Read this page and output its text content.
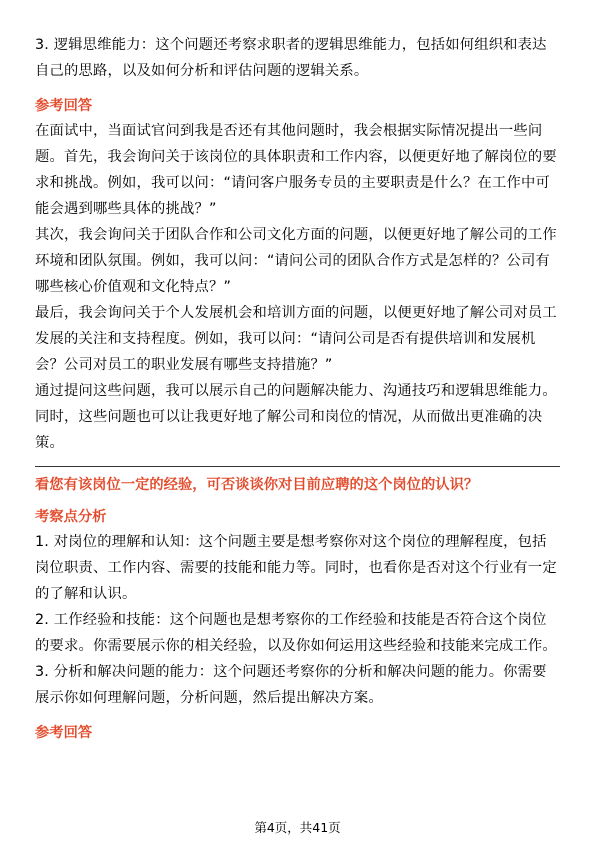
3. 逻辑思维能力：这个问题还考察求职者的逻辑思维能力，包括如何组织和表达自己的思路，以及如何分析和评估问题的逻辑关系。

参考回答

在面试中，当面试官问到我是否还有其他问题时，我会根据实际情况提出一些问题。首先，我会询问关于该岗位的具体职责和工作内容，以便更好地了解岗位的要求和挑战。例如，我可以问：“请问客户服务专员的主要职责是什么？在工作中可能会遇到哪些具体的挑战？”

其次，我会询问关于团队合作和公司文化方面的问题，以便更好地了解公司的工作环境和团队氛围。例如，我可以问：“请问公司的团队合作方式是怎样的？公司有哪些核心价值观和文化特点？”

最后，我会询问关于个人发展机会和培训方面的问题，以便更好地了解公司对员工发展的关注和支持程度。例如，我可以问：“请问公司是否有提供培训和发展机会？公司对员工的职业发展有哪些支持措施？”

通过提问这些问题，我可以展示自己的问题解决能力、沟通技巧和逻辑思维能力。同时，这些问题也可以让我更好地了解公司和岗位的情况，从而做出更准确的决策。

看您有该岗位一定的经验，可否谈谈你对目前应聘的这个岗位的认识？

考察点分析

1. 对岗位的理解和认知：这个问题主要是想考察你对这个岗位的理解程度，包括岗位职责、工作内容、需要的技能和能力等。同时，也看你是否对这个行业有一定的了解和认识。

2. 工作经验和技能：这个问题也是想考察你的工作经验和技能是否符合这个岗位的要求。你需要展示你的相关经验，以及你如何运用这些经验和技能来完成工作。

3. 分析和解决问题的能力：这个问题还考察你的分析和解决问题的能力。你需要展示你如何理解问题，分析问题，然后提出解决方案。

参考回答

第4页，共41页
